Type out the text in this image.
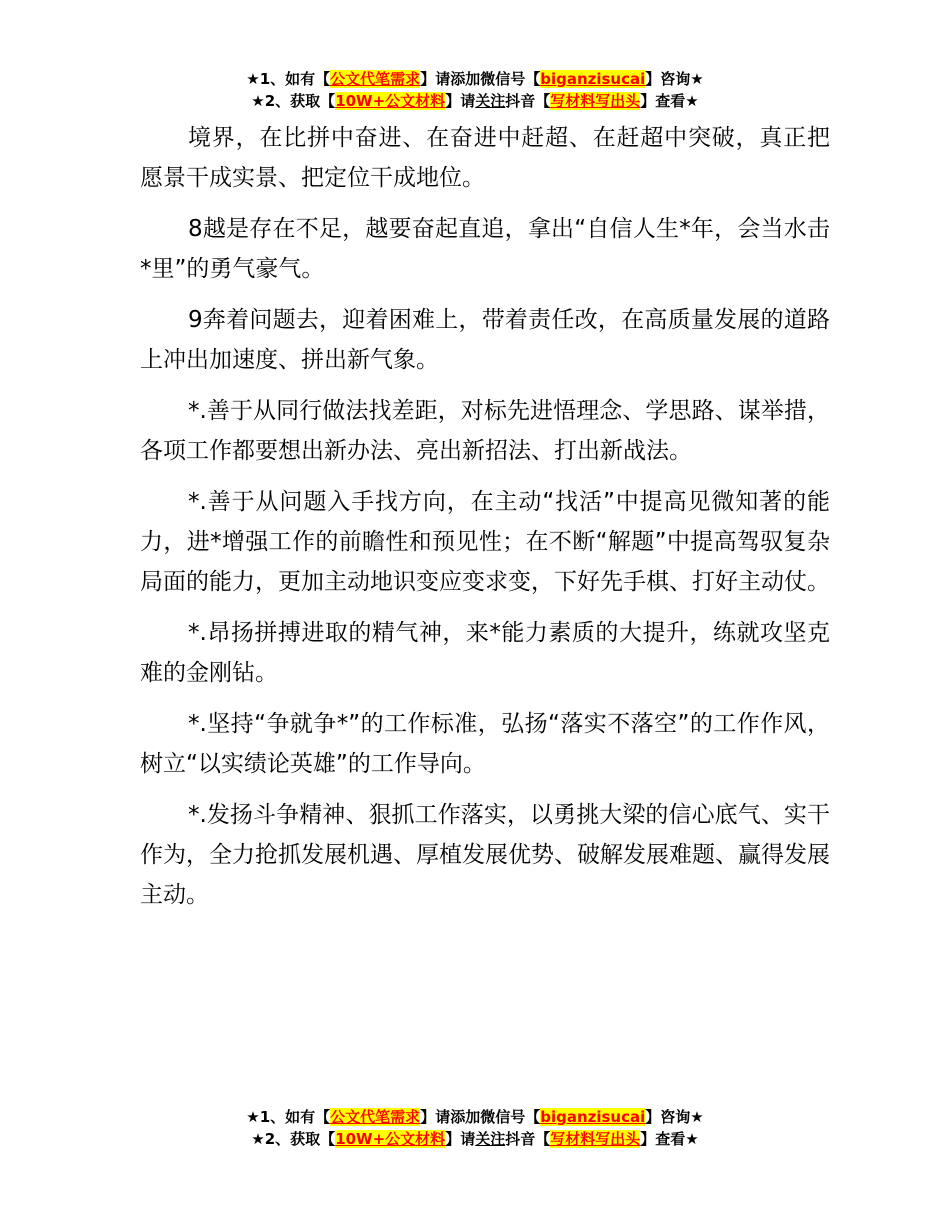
★1、如有【公文代笔需求】请添加微信号【biganzisucai】咨询★
★2、获取【10W+公文材料】请关注抖音【写材料写出头】查看★

境界，在比拼中奋进、在奋进中赶超、在赶超中突破，真正把愿景干成实景、把定位干成地位。

8越是存在不足，越要奋起直追，拿出“自信人生*年，会当水击*里”的勇气豪气。

9奔着问题去，迎着困难上，带着责任改，在高质量发展的道路上冲出加速度、拼出新气象。

*.善于从同行做法找差距，对标先进悟理念、学思路、谋举措，各项工作都要想出新办法、亮出新招法、打出新战法。

*.善于从问题入手找方向，在主动“找活”中提高见微知著的能力，进*增强工作的前瞻性和预见性；在不断“解题”中提高驾驭复杂局面的能力，更加主动地识变应变求变，下好先手棋、打好主动仗。

*.昂扬拼搏进取的精气神，来*能力素质的大提升，练就攻坚克难的金刚钻。

*.坚持“争就争*”的工作标准，弘扬“落实不落空”的工作作风，树立“以实绩论英雄”的工作导向。

*.发扬斗争精神、狠抓工作落实，以勇挑大梁的信心底气、实干作为，全力抢抓发展机遇、厚植发展优势、破解发展难题、赢得发展主动。

★1、如有【公文代笔需求】请添加微信号【biganzisucai】咨询★
★2、获取【10W+公文材料】请关注抖音【写材料写出头】查看★
